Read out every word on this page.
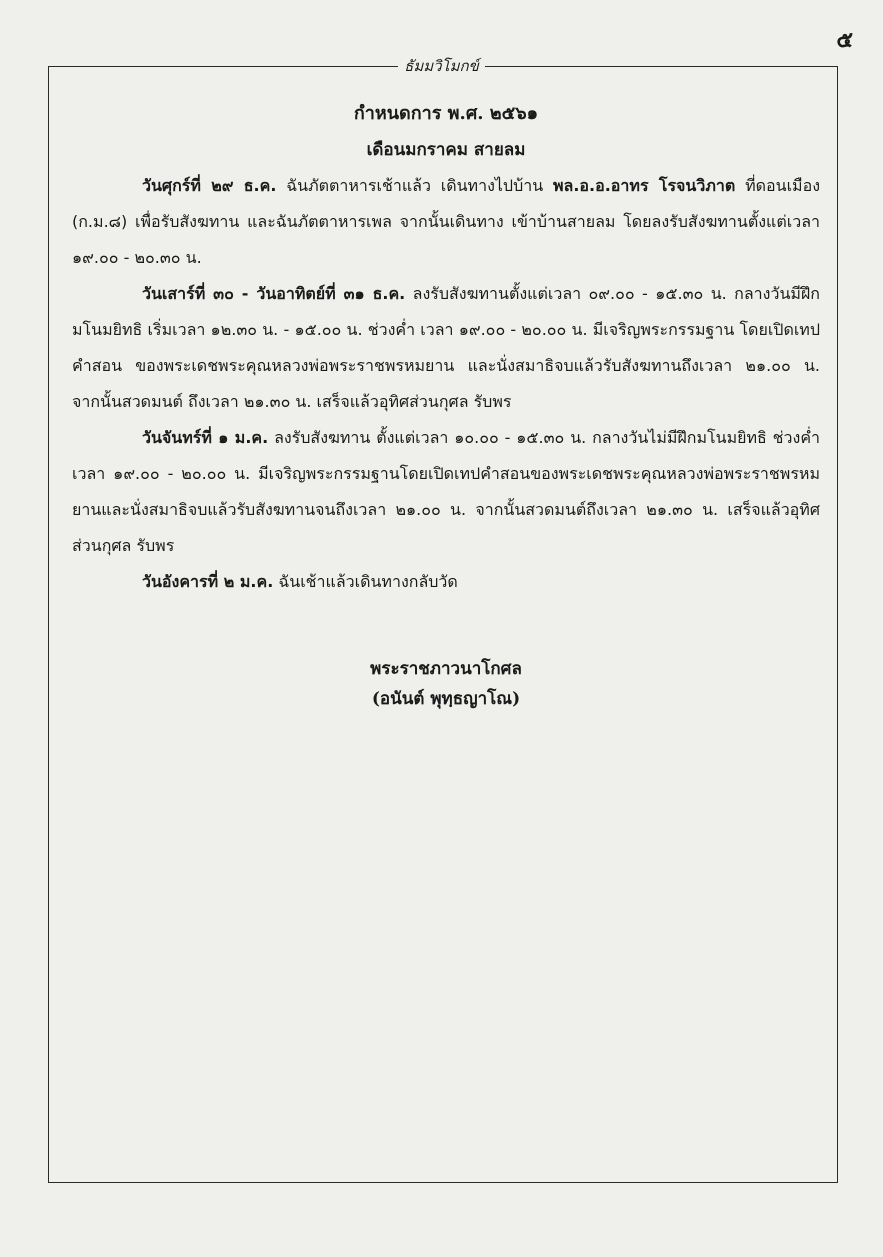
๕
ธัมมวิโมกข์

กำหนดการ พ.ศ. ๒๕๖๑

เดือนมกราคม สายลม

วันศุกร์ที่ ๒๙ ธ.ค. ฉันภัตตาหารเช้าแล้ว เดินทางไปบ้าน พล.อ.อ.อาทร โรจนวิภาต ที่ดอนเมือง (ก.ม.๘) เพื่อรับสังฆทาน และฉันภัตตาหารเพล จากนั้นเดินทาง เข้าบ้านสายลม โดยลงรับสังฆทานตั้งแต่เวลา ๑๙.๐๐ - ๒๐.๓๐ น.

วันเสาร์ที่ ๓๐ - วันอาทิตย์ที่ ๓๑ ธ.ค. ลงรับสังฆทานตั้งแต่เวลา ๐๙.๐๐ - ๑๕.๓๐ น. กลางวันมีฝึกมโนมยิทธิ เริ่มเวลา ๑๒.๓๐ น. - ๑๕.๐๐ น. ช่วงค่ำ เวลา ๑๙.๐๐ - ๒๐.๐๐ น. มีเจริญพระกรรมฐาน โดยเปิดเทปคำสอน ของพระเดชพระคุณหลวงพ่อพระราชพรหมยาน และนั่งสมาธิจบแล้วรับสังฆทานถึงเวลา ๒๑.๐๐ น. จากนั้นสวดมนต์ ถึงเวลา ๒๑.๓๐ น. เสร็จแล้วอุทิศส่วนกุศล รับพร

วันจันทร์ที่ ๑ ม.ค. ลงรับสังฆทาน ตั้งแต่เวลา ๑๐.๐๐ - ๑๕.๓๐ น. กลางวันไม่มีฝึกมโนมยิทธิ ช่วงค่ำเวลา ๑๙.๐๐ - ๒๐.๐๐ น. มีเจริญพระกรรมฐานโดยเปิดเทปคำสอนของพระเดชพระคุณหลวงพ่อพระราชพรหมยานและนั่งสมาธิจบแล้วรับสังฆทานจนถึงเวลา ๒๑.๐๐ น. จากนั้นสวดมนต์ถึงเวลา ๒๑.๓๐ น. เสร็จแล้วอุทิศส่วนกุศล รับพร

วันอังคารที่ ๒ ม.ค. ฉันเช้าแล้วเดินทางกลับวัด

พระราชภาวนาโกศล

(อนันต์ พุทฺธญาโณ)
